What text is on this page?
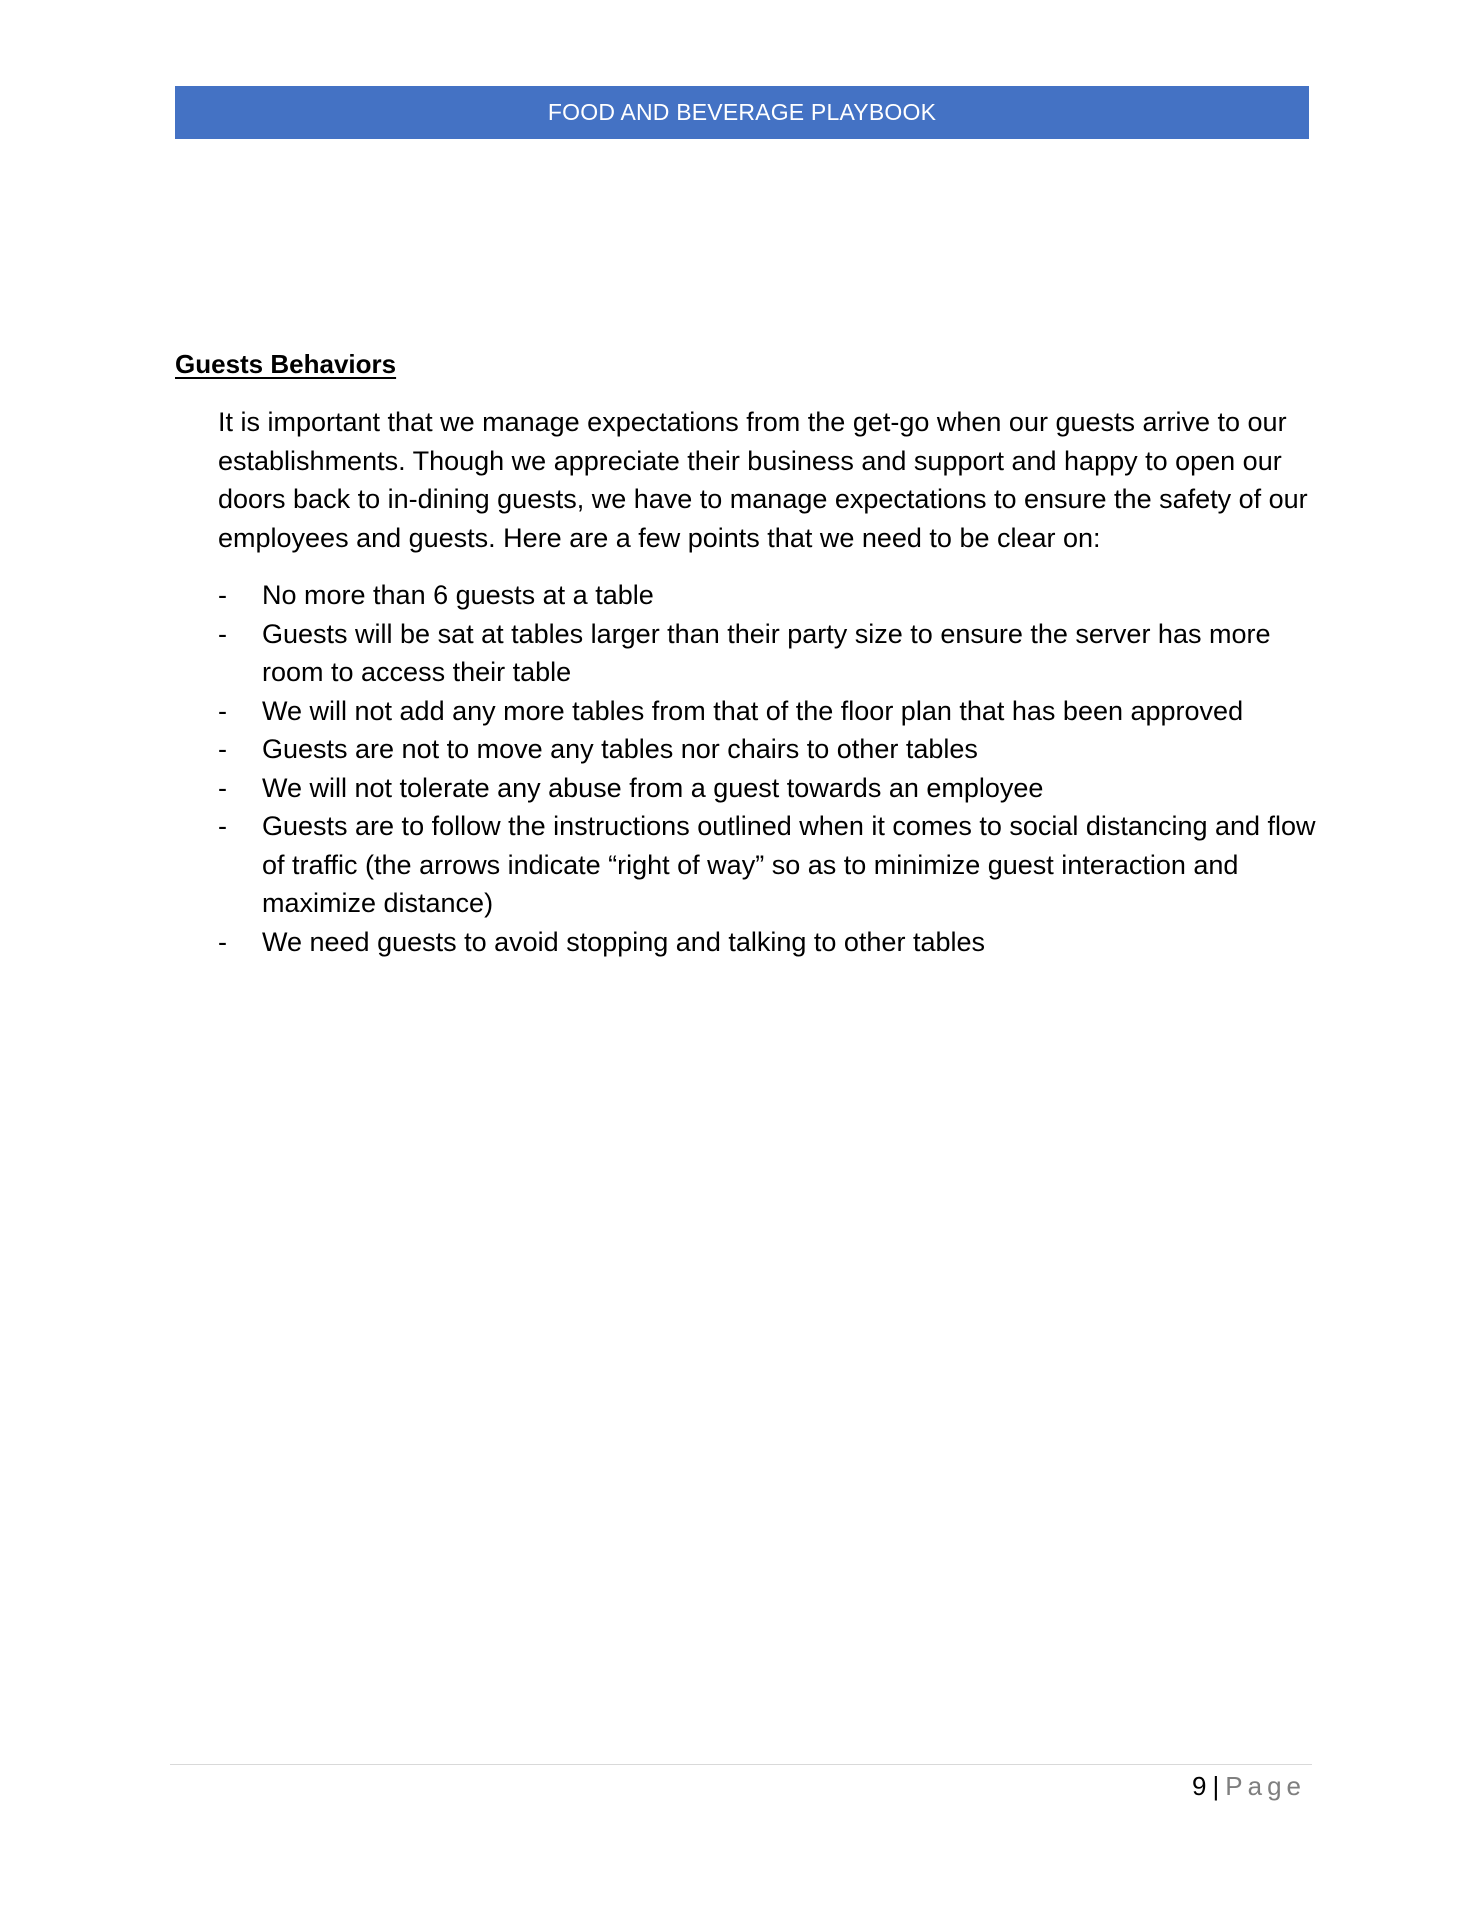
FOOD AND BEVERAGE PLAYBOOK
Guests Behaviors

It is important that we manage expectations from the get-go when our guests arrive to our establishments. Though we appreciate their business and support and happy to open our doors back to in-dining guests, we have to manage expectations to ensure the safety of our employees and guests. Here are a few points that we need to be clear on:

- No more than 6 guests at a table
- Guests will be sat at tables larger than their party size to ensure the server has more room to access their table
- We will not add any more tables from that of the floor plan that has been approved
- Guests are not to move any tables nor chairs to other tables
- We will not tolerate any abuse from a guest towards an employee
- Guests are to follow the instructions outlined when it comes to social distancing and flow of traffic (the arrows indicate “right of way” so as to minimize guest interaction and maximize distance)
- We need guests to avoid stopping and talking to other tables
9 | Page
